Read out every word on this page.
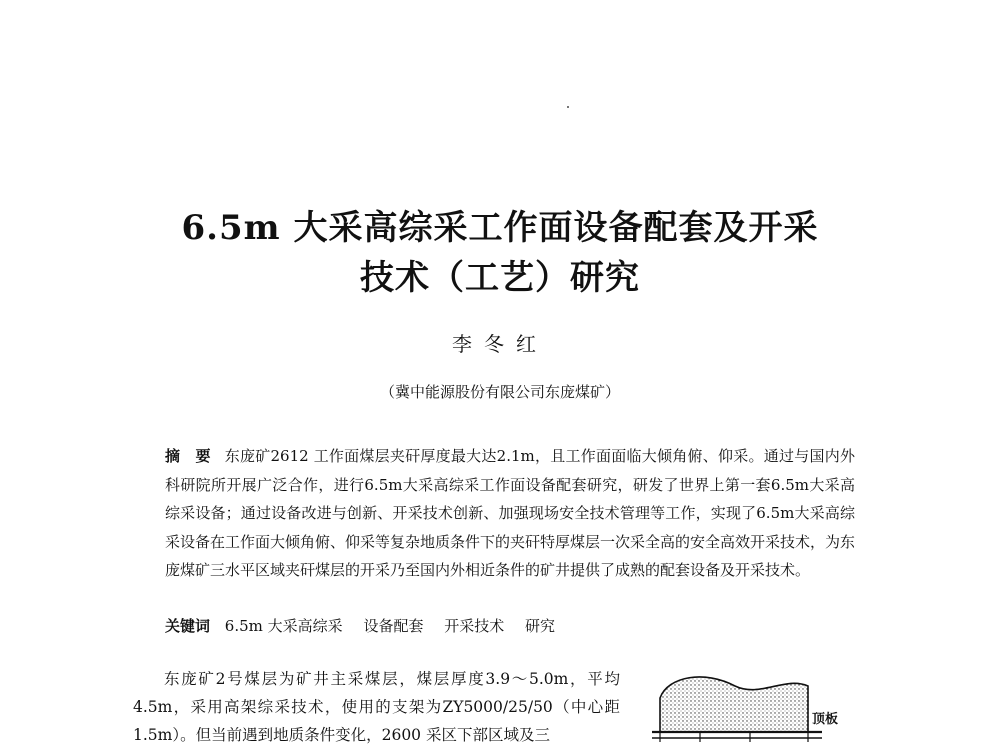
6.5m 大采高综采工作面设备配套及开采
技术（工艺）研究
李冬红
（冀中能源股份有限公司东庞煤矿）
摘　要 东庞矿2612 工作面煤层夹矸厚度最大达2.1m，且工作面面临大倾角俯、仰采。通过与国内外科研院所开展广泛合作，进行6.5m大采高综采工作面设备配套研究，研发了世界上第一套6.5m大采高综采设备；通过设备改进与创新、开采技术创新、加强现场安全技术管理等工作，实现了6.5m大采高综采设备在工作面大倾角俯、仰采等复杂地质条件下的夹矸特厚煤层一次采全高的安全高效开采技术，为东庞煤矿三水平区域夹矸煤层的开采乃至国内外相近条件的矿井提供了成熟的配套设备及开采技术。
关键词 6.5m 大采高综采 设备配套 开采技术 研究
东庞矿2号煤层为矿井主采煤层，煤层厚度3.9～5.0m，平均4.5m，采用高架综采技术，使用的支架为ZY5000/25/50（中心距1.5m）。但当前遇到地质条件变化，2600 采区下部区域及三
顶板
